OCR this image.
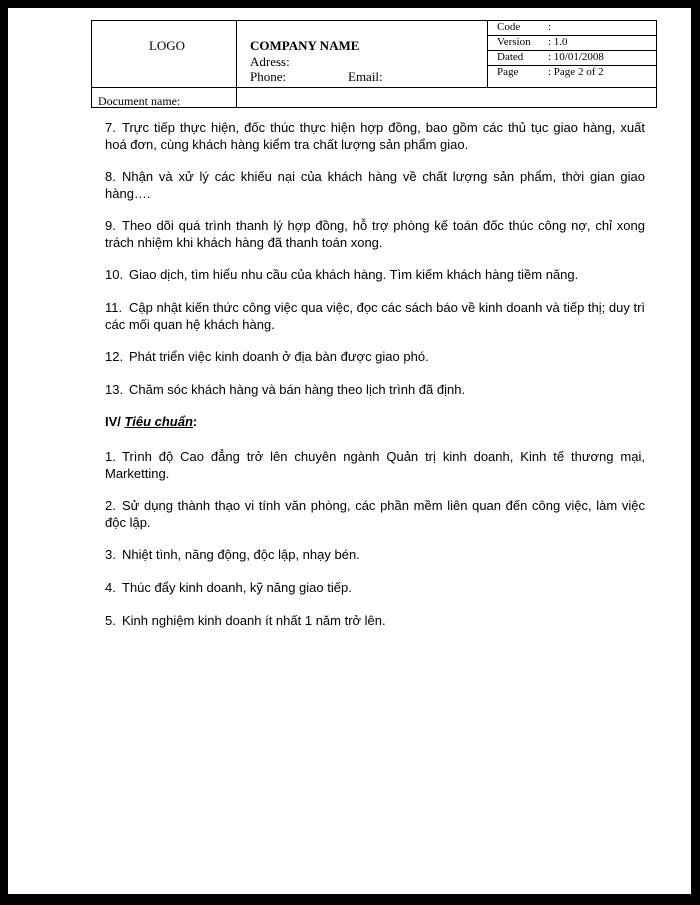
LOGO	COMPANY NAME
Adress:
Phone:	Email:
Document name:
Code	:
Version : 1.0
Dated : 10/01/2008
Page	: Page 2 of 2
7. Trực tiếp thực hiện, đốc thúc thực hiện hợp đồng, bao gồm các thủ tục giao hàng, xuất hoá đơn, cùng khách hàng kiểm tra chất lượng sản phẩm giao.
8. Nhận và xử lý các khiếu nại của khách hàng về chất lượng sản phẩm, thời gian giao hàng….
9. Theo dõi quá trình thanh lý hợp đồng, hỗ trợ phòng kế toán đốc thúc công nợ, chỉ xong trách nhiệm khi khách hàng đã thanh toán xong.
10. Giao dịch, tìm hiểu nhu cầu của khách hàng. Tìm kiếm khách hàng tiềm năng.
11. Cập nhật kiến thức công việc qua việc, đọc các sách báo về kinh doanh và tiếp thị; duy trì các mối quan hệ khách hàng.
12. Phát triển việc kinh doanh ở địa bàn được giao phó.
13. Chăm sóc khách hàng và bán hàng theo lịch trình đã định.
IV/ Tiêu chuẩn:
1. Trình độ Cao đẳng trở lên chuyên ngành Quản trị kinh doanh, Kinh tế thương mại, Marketting.
2. Sử dụng thành thạo vi tính văn phòng, các phần mềm liên quan đến công việc, làm việc độc lập.
3. Nhiệt tình, năng động, độc lập, nhạy bén.
4. Thúc đẩy kinh doanh, kỹ năng giao tiếp.
5. Kinh nghiệm kinh doanh ít nhất 1 năm trở lên.
